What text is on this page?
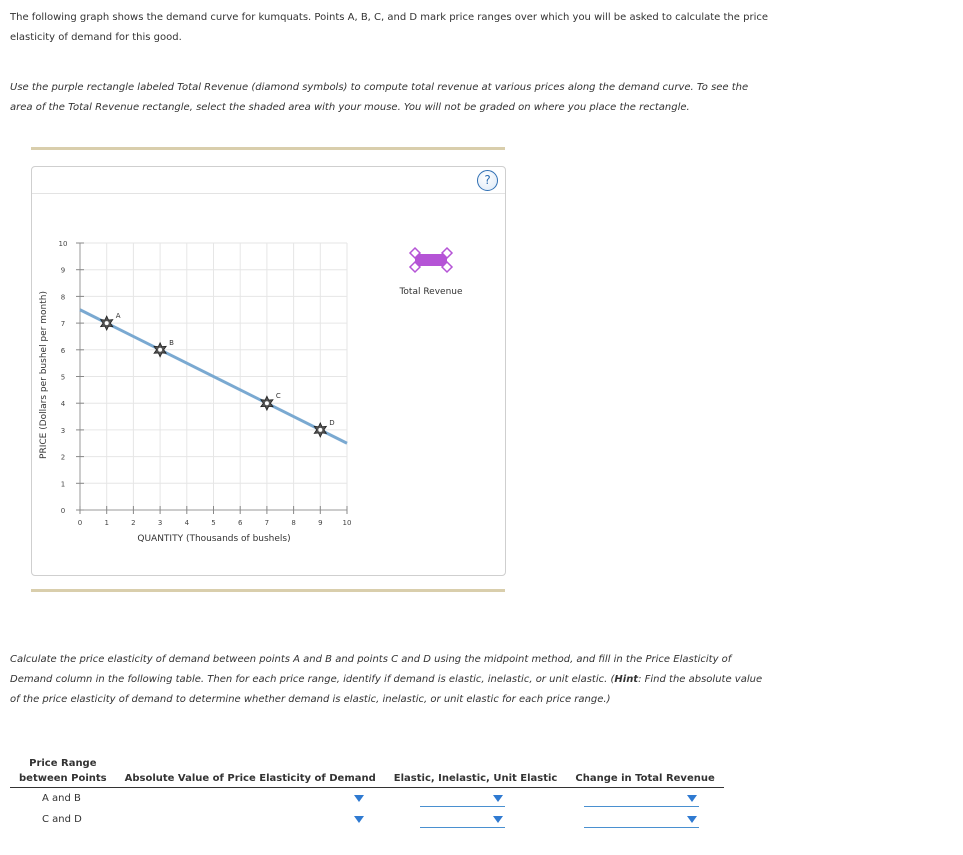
The following graph shows the demand curve for kumquats. Points A, B, C, and D mark price ranges over which you will be asked to calculate the price
elasticity of demand for this good.

Use the purple rectangle labeled Total Revenue (diamond symbols) to compute total revenue at various prices along the demand curve. To see the
area of the Total Revenue rectangle, select the shaded area with your mouse. You will not be graded on where you place the rectangle.

?
0
1
2
3
4
5
6
7
8
9
10
0	1	2	3	4	5	6	7	8	9	10
A
B
C
D
QUANTITY (Thousands of bushels)
PRICE (Dollars per bushel per month)	Total Revenue

Calculate the price elasticity of demand between points A and B and points C and D using the midpoint method, and fill in the Price Elasticity of
Demand column in the following table. Then for each price range, identify if demand is elastic, inelastic, or unit elastic. (Hint: Find the absolute value
of the price elasticity of demand to determine whether demand is elastic, inelastic, or unit elastic for each price range.)

Price Range			
between Points	Absolute Value of Price Elasticity of Demand	Elastic, Inelastic, Unit Elastic	Change in Total Revenue
A and B	

C and D	
